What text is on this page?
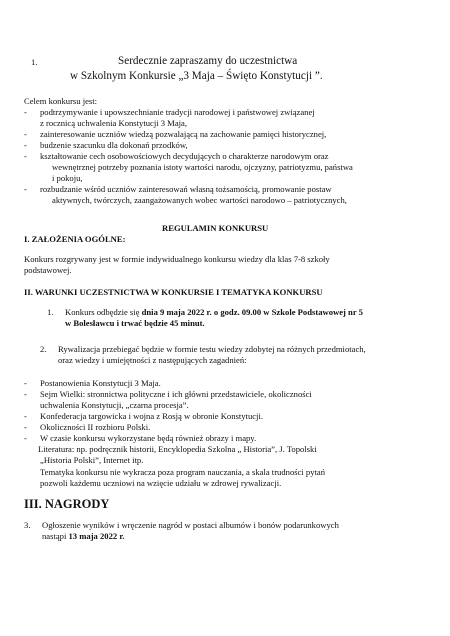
1.	Serdecznie zapraszamy do uczestnictwa
w Szkolnym Konkursie „3 Maja – Święto Konstytucji ”.
Celem konkursu jest:
- podtrzymywanie i upowszechnianie tradycji narodowej i państwowej związanej
z rocznicą uchwalenia Konstytucji 3 Maja,
- zainteresowanie uczniów wiedzą pozwalającą na zachowanie pamięci historycznej,
- budzenie szacunku dla dokonań przodków,
- kształtowanie cech osobowościowych decydujących o charakterze narodowym oraz
wewnętrznej potrzeby poznania istoty wartości narodu, ojczyzny, patriotyzmu, państwa
i pokoju,
- rozbudzanie wśród uczniów zainteresowań własną tożsamością, promowanie postaw
aktywnych, twórczych, zaangażowanych wobec wartości narodowo – patriotycznych,
REGULAMIN KONKURSU
I. ZAŁOŻENIA OGÓLNE:
Konkurs rozgrywany jest w formie indywidualnego konkursu wiedzy dla klas 7-8 szkoły
podstawowej.
II. WARUNKI UCZESTNICTWA W KONKURSIE I TEMATYKA KONKURSU
1. Konkurs odbędzie się dnia 9 maja 2022 r. o godz. 09.00 w Szkole Podstawowej nr 5
w Bolesławcu i trwać będzie 45 minut.
2. Rywalizacja przebiegać będzie w formie testu wiedzy zdobytej na różnych przedmiotach,
oraz wiedzy i umiejętności z następujących zagadnień:
- Postanowienia Konstytucji 3 Maja.
- Sejm Wielki: stronnictwa polityczne i ich główni przedstawiciele, okoliczności
uchwalenia Konstytucji, „czarna procesja”.
- Konfederacja targowicka i wojna z Rosją w obronie Konstytucji.
- Okoliczności II rozbioru Polski.
- W czasie konkursu wykorzystane będą również obrazy i mapy.
Literatura: np. podręcznik historii, Encyklopedia Szkolna „ Historia”, J. Topolski
„Historia Polski”, Internet itp.
Tematyka konkursu nie wykracza poza program nauczania, a skala trudności pytań
pozwoli każdemu uczniowi na wzięcie udziału w zdrowej rywalizacji.
III. NAGRODY
3. Ogłoszenie wyników i wręczenie nagród w postaci albumów i bonów podarunkowych
nastąpi 13 maja 2022 r.
